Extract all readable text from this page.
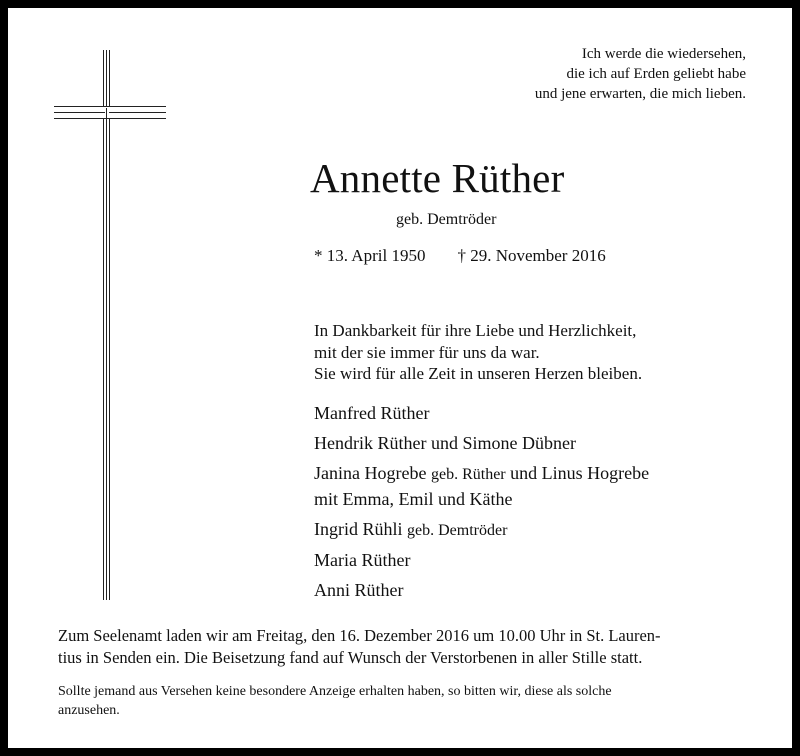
Ich werde die wiedersehen,
die ich auf Erden geliebt habe
und jene erwarten, die mich lieben.
Annette Rüther
geb. Demtröder
* 13. April 1950 † 29. November 2016
In Dankbarkeit für ihre Liebe und Herzlichkeit,
mit der sie immer für uns da war.
Sie wird für alle Zeit in unseren Herzen bleiben.
Manfred Rüther
Hendrik Rüther und Simone Dübner
Janina Hogrebe geb. Rüther und Linus Hogrebe
mit Emma, Emil und Käthe
Ingrid Rühli geb. Demtröder
Maria Rüther
Anni Rüther
Zum Seelenamt laden wir am Freitag, den 16. Dezember 2016 um 10.00 Uhr in St. Lauren-
tius in Senden ein. Die Beisetzung fand auf Wunsch der Verstorbenen in aller Stille statt.
Sollte jemand aus Versehen keine besondere Anzeige erhalten haben, so bitten wir, diese als solche
anzusehen.
